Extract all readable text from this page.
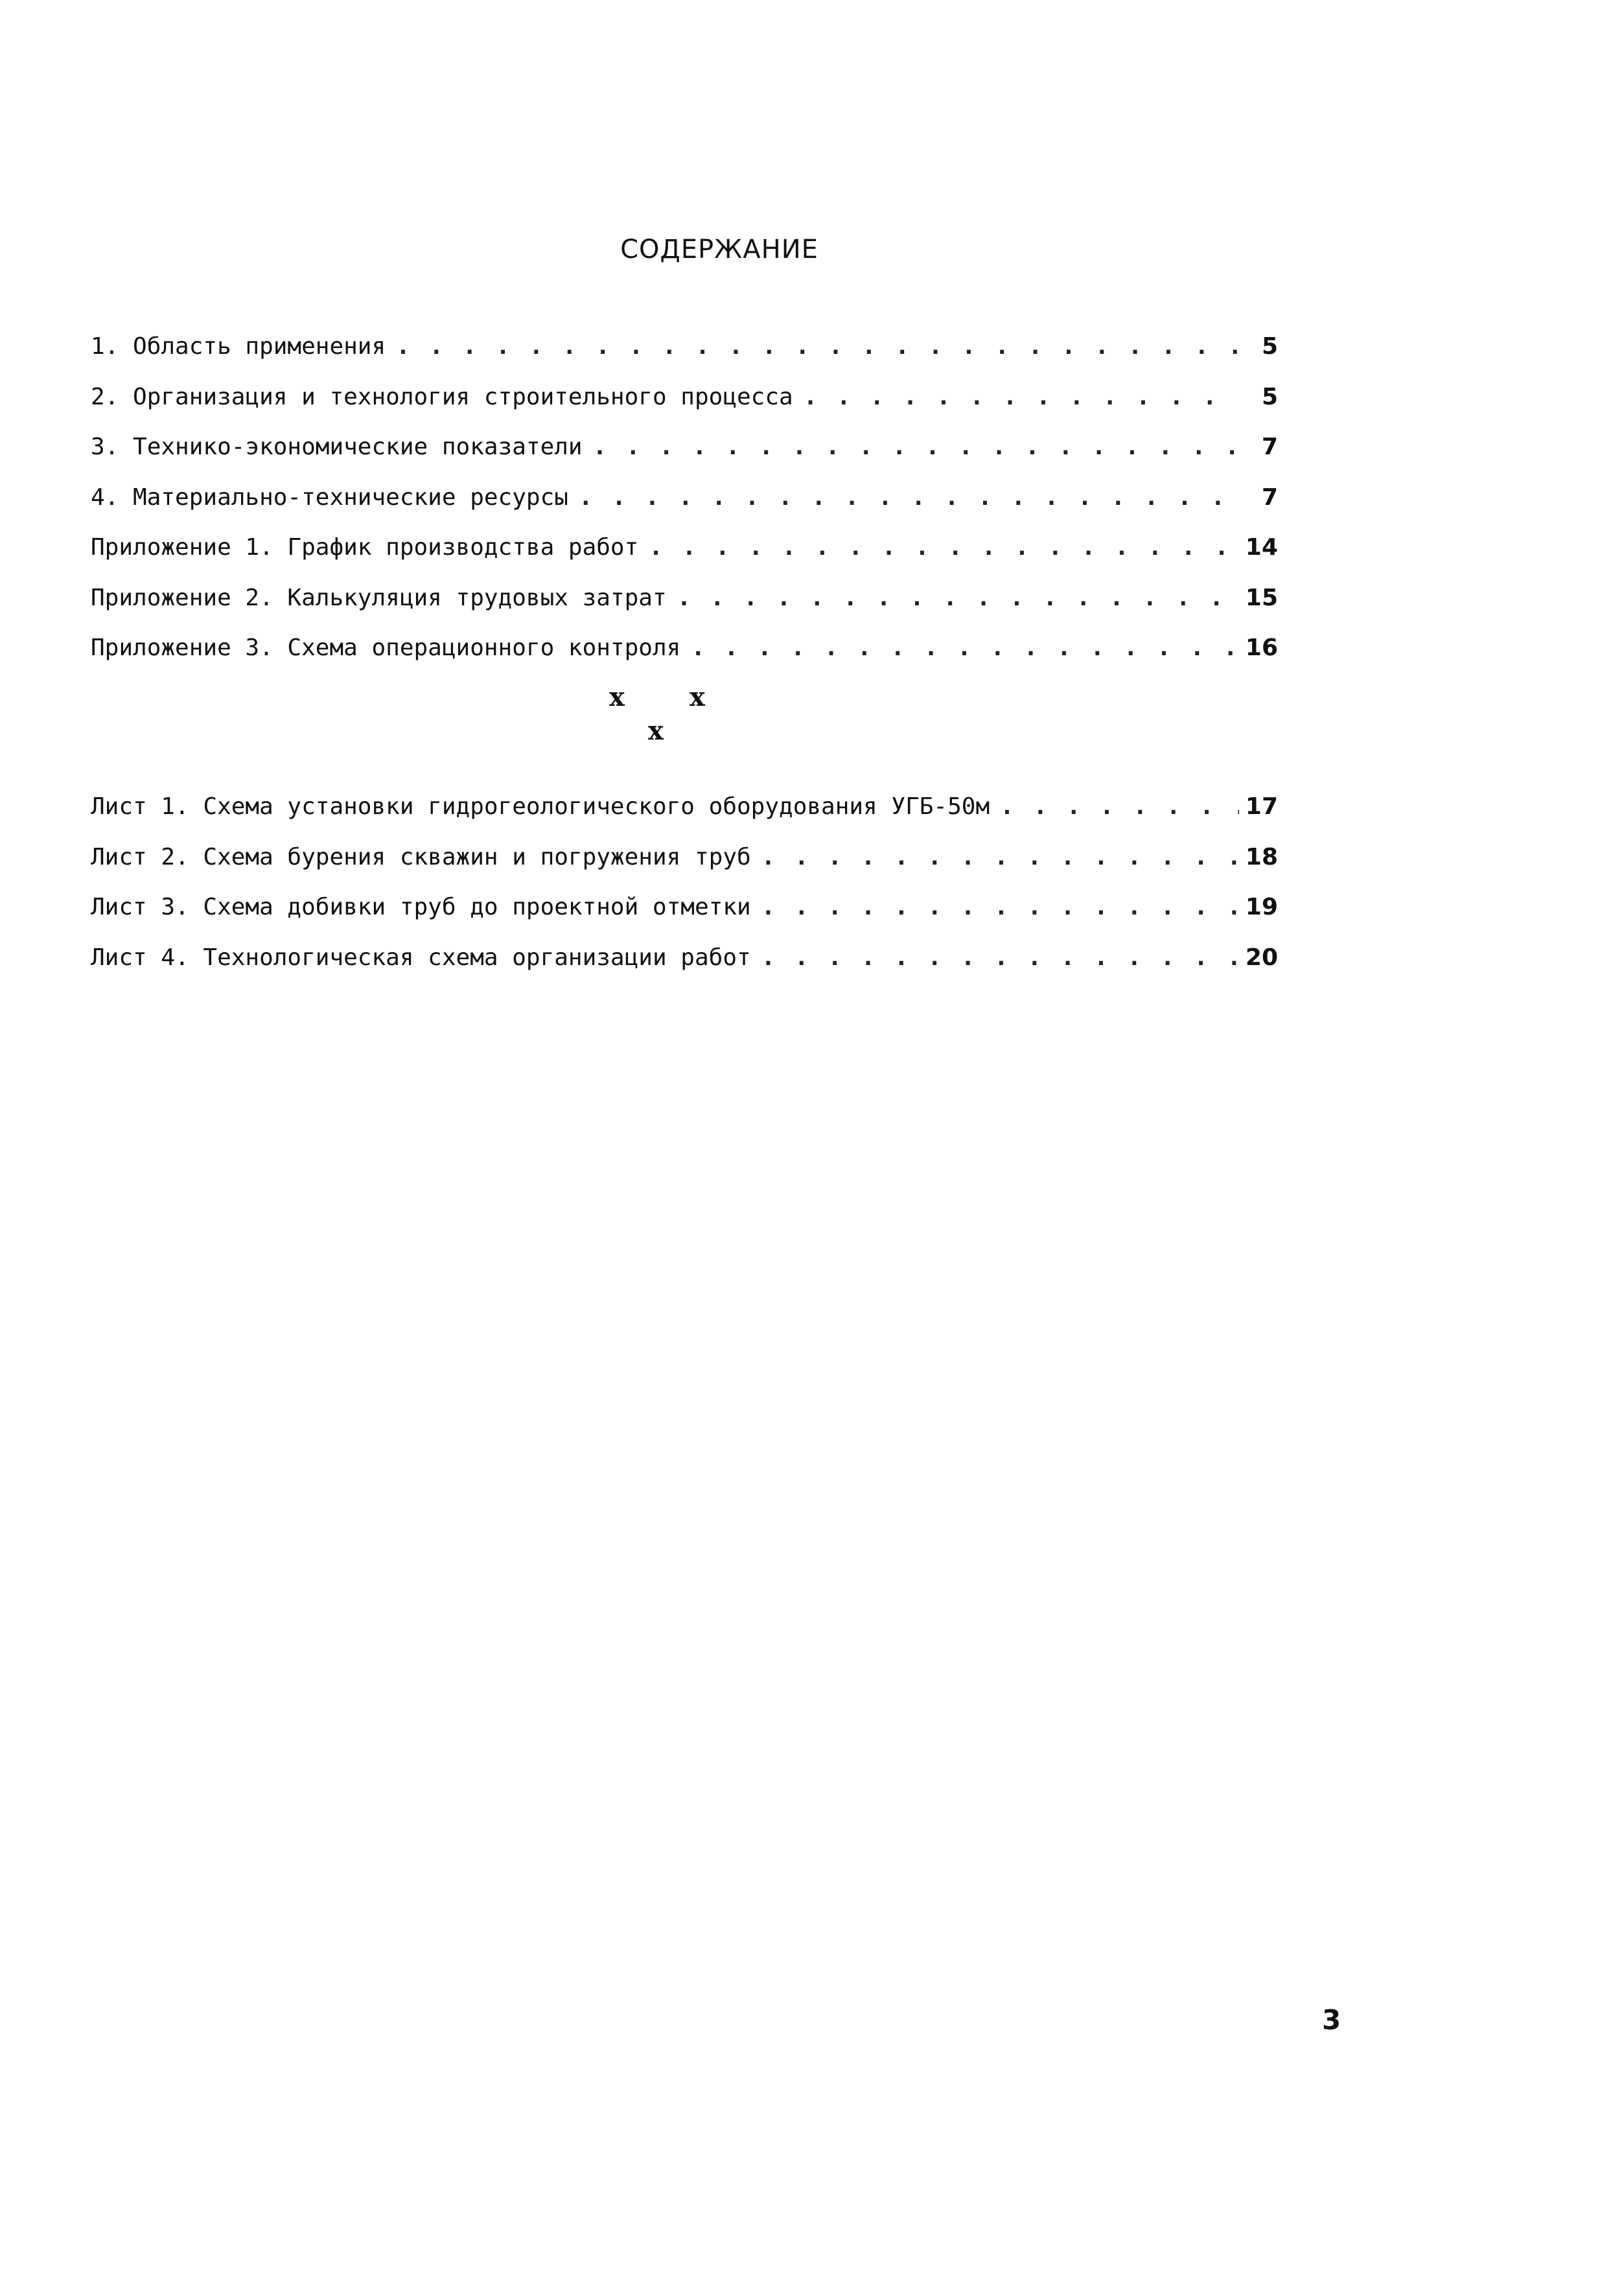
СОДЕРЖАНИЕ
1. Область применения . . .	5
2. Организация и технология строительного процесса . . .	5
3. Технико-экономические показатели . . .	7
4. Материально-технические ресурсы . . .	7
Приложение 1. График производства работ . . .	14
Приложение 2. Калькуляция трудовых затрат . . .	15
Приложение 3. Схема операционного контроля . . .	16
x	x
x
Лист 1. Схема установки гидрогеологического оборудования УГБ-50м . . .	17
Лист 2. Схема бурения скважин и погружения труб . . .	18
Лист 3. Схема добивки труб до проектной отметки . . .	19
Лист 4. Технологическая схема организации работ . . .	20
3
